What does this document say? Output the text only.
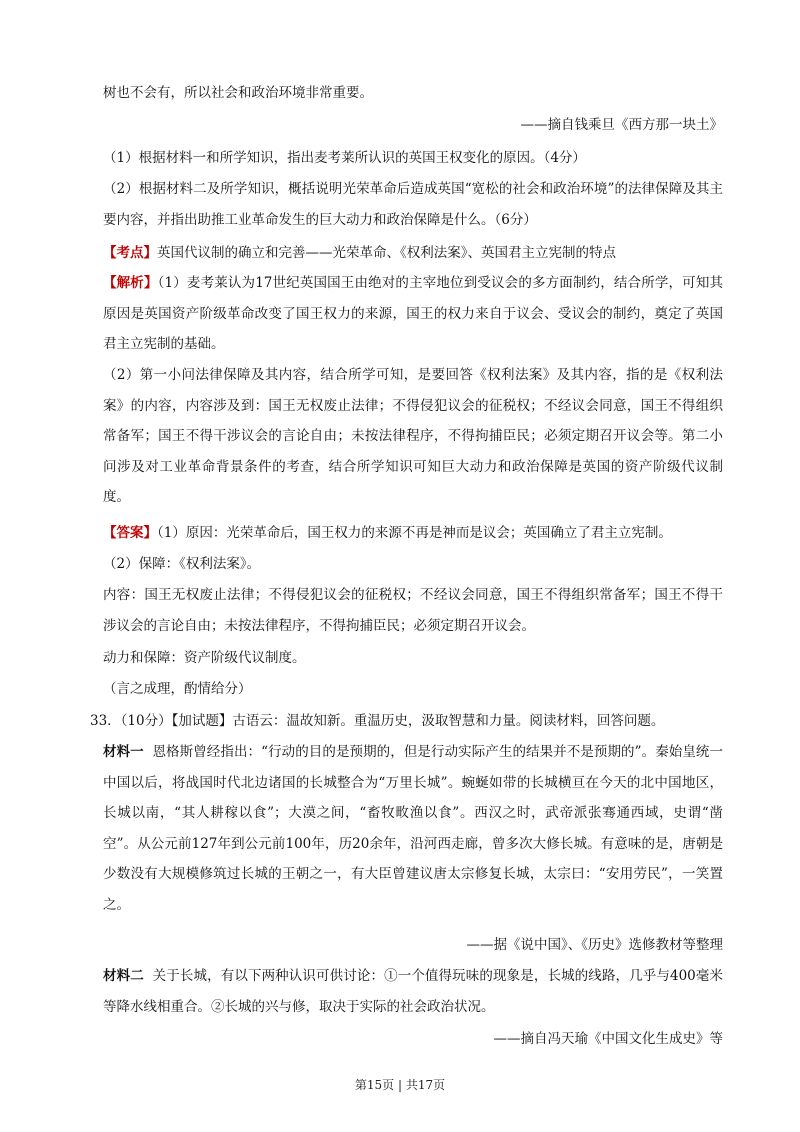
树也不会有，所以社会和政治环境非常重要。

——摘自钱乘旦《西方那一块土》

（1）根据材料一和所学知识，指出麦考莱所认识的英国王权变化的原因。（4分）

（2）根据材料二及所学知识，概括说明光荣革命后造成英国“宽松的社会和政治环境”的法律保障及其主要内容，并指出助推工业革命发生的巨大动力和政治保障是什么。（6分）

【考点】英国代议制的确立和完善——光荣革命、《权利法案》、英国君主立宪制的特点

【解析】（1）麦考莱认为17世纪英国国王由绝对的主宰地位到受议会的多方面制约，结合所学，可知其原因是英国资产阶级革命改变了国王权力的来源，国王的权力来自于议会、受议会的制约，奠定了英国君主立宪制的基础。

（2）第一小问法律保障及其内容，结合所学可知，是要回答《权利法案》及其内容，指的是《权利法案》的内容，内容涉及到：国王无权废止法律；不得侵犯议会的征税权；不经议会同意，国王不得组织常备军；国王不得干涉议会的言论自由；未按法律程序，不得拘捕臣民；必须定期召开议会等。第二小问涉及对工业革命背景条件的考查，结合所学知识可知巨大动力和政治保障是英国的资产阶级代议制度。

【答案】（1）原因：光荣革命后，国王权力的来源不再是神而是议会；英国确立了君主立宪制。

（2）保障：《权利法案》。

内容：国王无权废止法律；不得侵犯议会的征税权；不经议会同意，国王不得组织常备军；国王不得干涉议会的言论自由；未按法律程序，不得拘捕臣民；必须定期召开议会。

动力和保障：资产阶级代议制度。

（言之成理，酌情给分）

33．（10分）【加试题】古语云：温故知新。重温历史，汲取智慧和力量。阅读材料，回答问题。

材料一 恩格斯曾经指出：“行动的目的是预期的，但是行动实际产生的结果并不是预期的”。秦始皇统一中国以后，将战国时代北边诸国的长城整合为“万里长城”。蜿蜒如带的长城横亘在今天的北中国地区，长城以南，“其人耕稼以食”；大漠之间，“畜牧畋渔以食”。西汉之时，武帝派张骞通西域，史谓“凿空”。从公元前127年到公元前100年，历20余年，沿河西走廊，曾多次大修长城。有意味的是，唐朝是少数没有大规模修筑过长城的王朝之一，有大臣曾建议唐太宗修复长城，太宗曰：“安用劳民”，一笑置之。

——据《说中国》、《历史》选修教材等整理

材料二 关于长城，有以下两种认识可供讨论：①一个值得玩味的现象是，长城的线路，几乎与400毫米等降水线相重合。②长城的兴与修，取决于实际的社会政治状况。

——摘自冯天瑜《中国文化生成史》等

第15页 | 共17页
